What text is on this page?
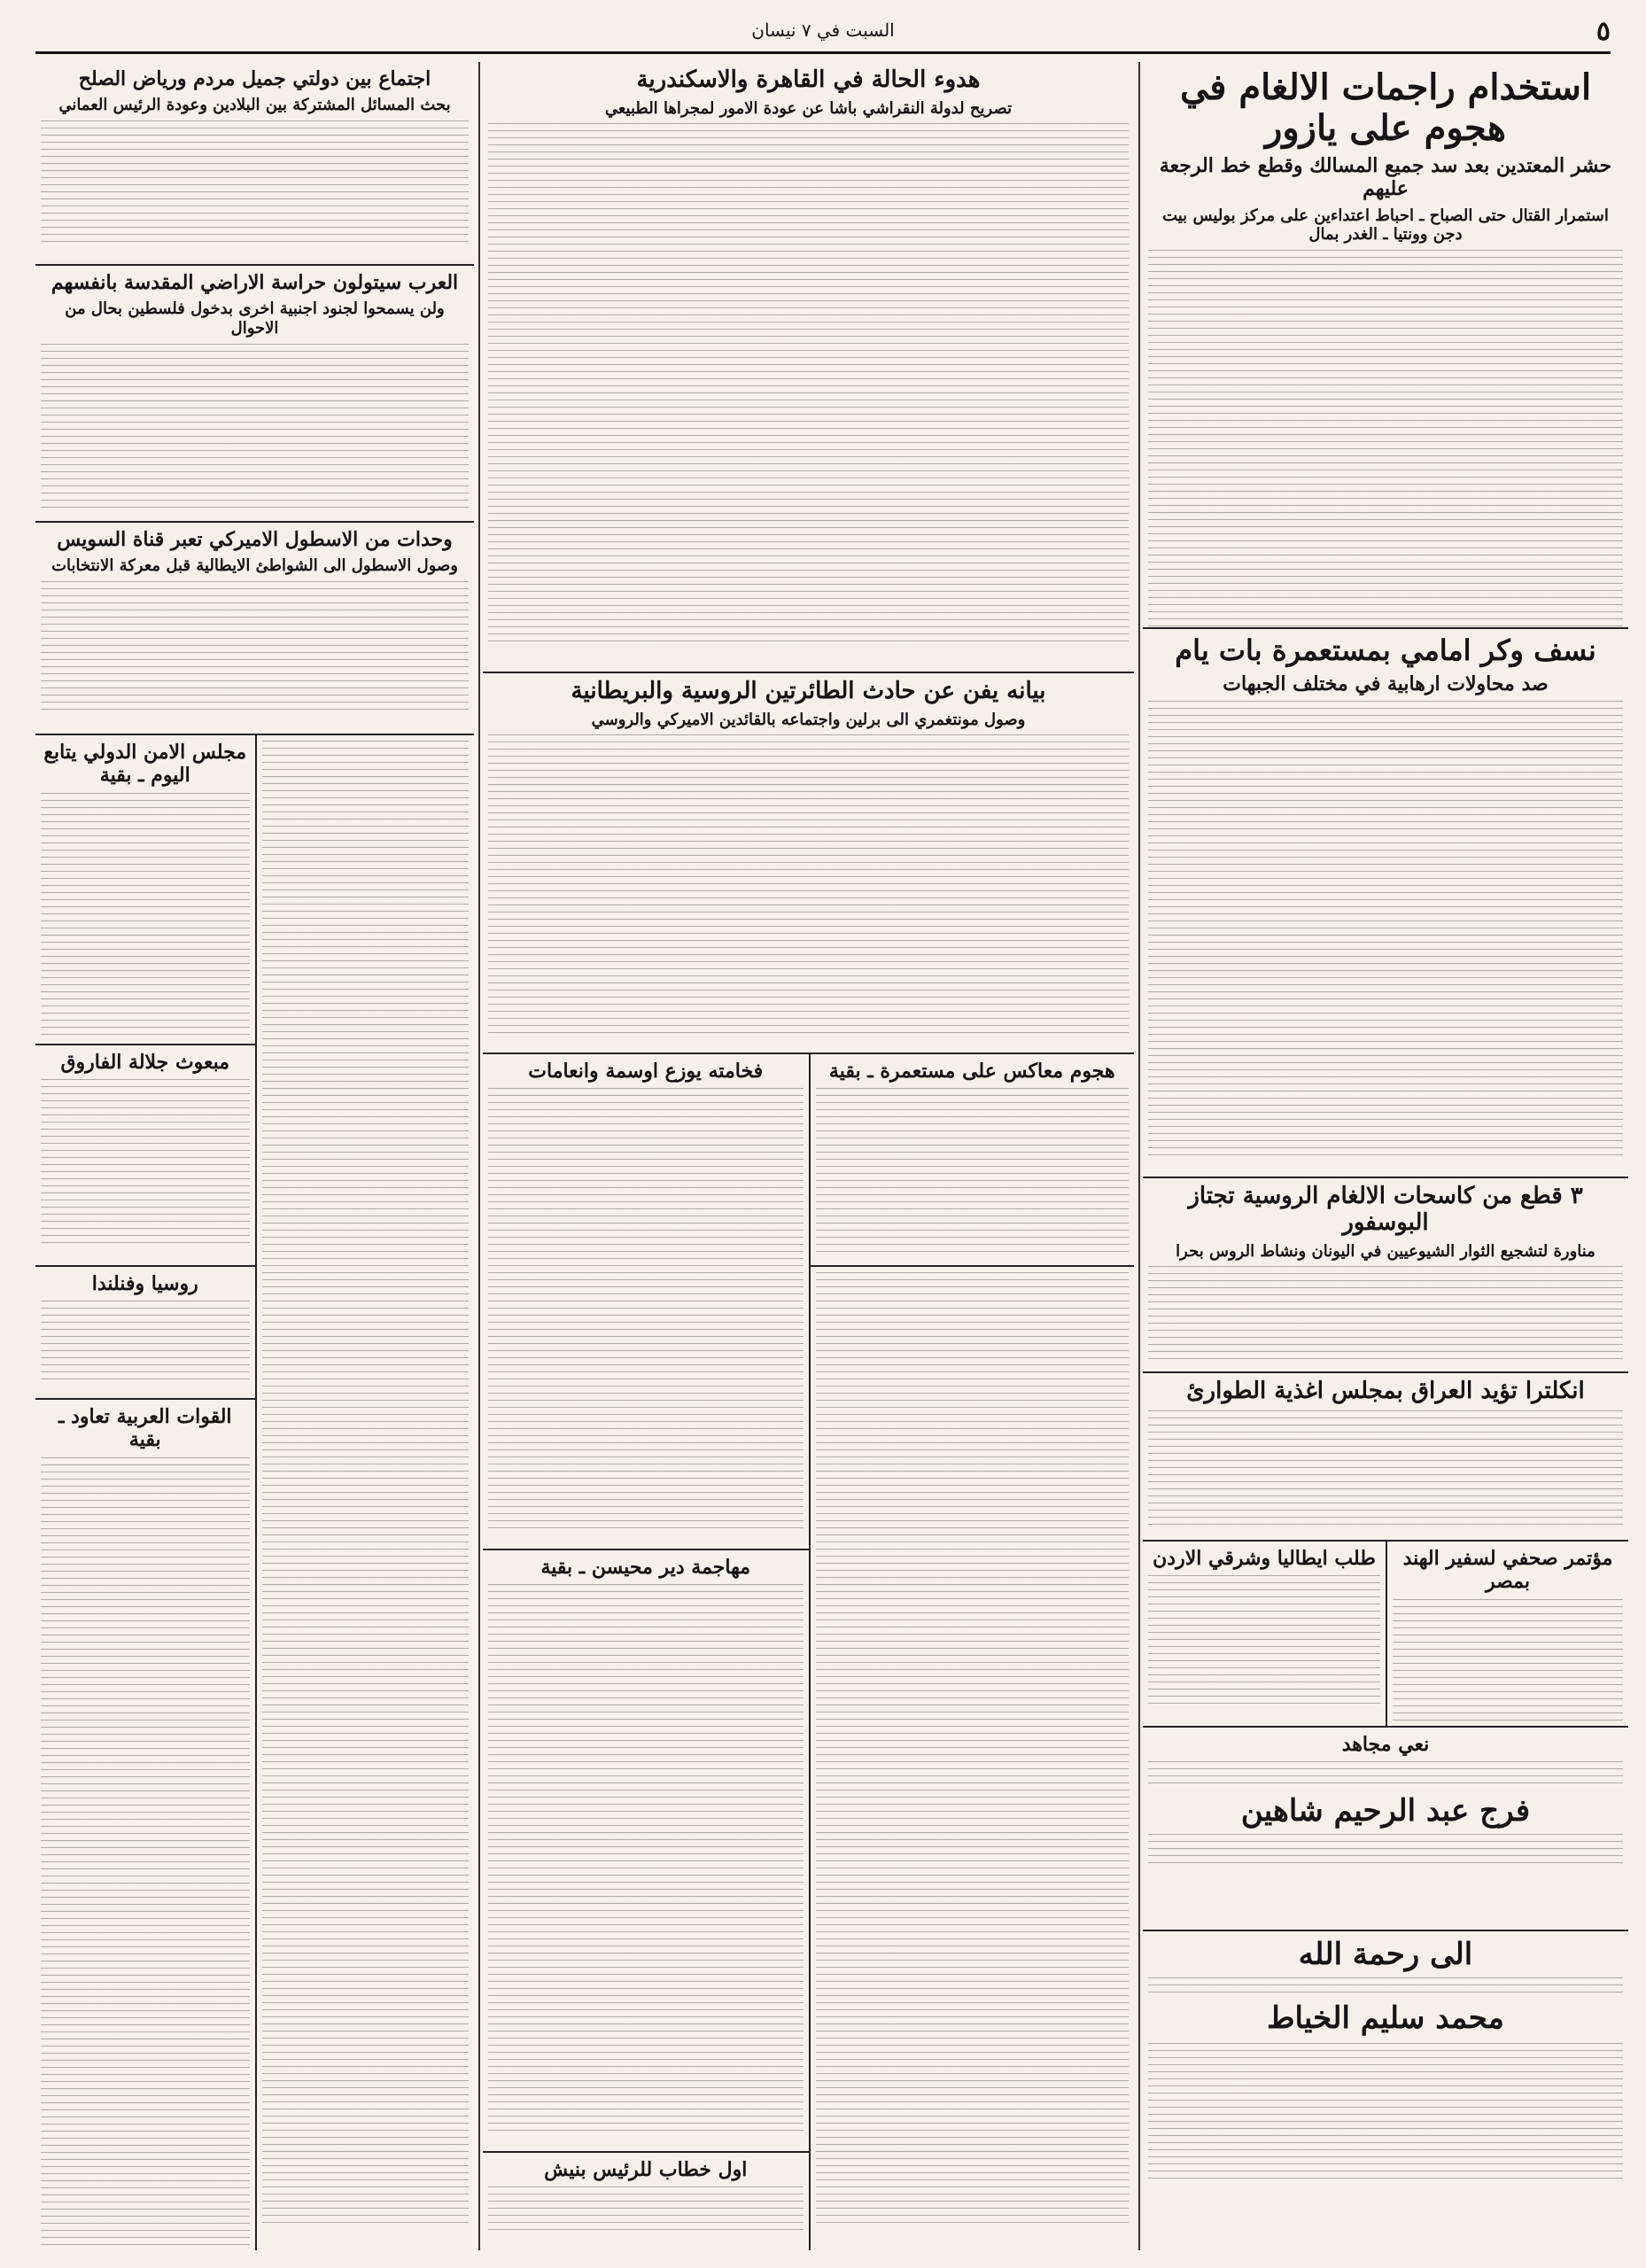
٥
السبت في ٧ نيسان
استخدام راجمات الالغام في هجوم على يازور
حشر المعتدين بعد سد جميع المسالك وقطع خط الرجعة عليهم
استمرار القتال حتى الصباح ـ احباط اعتداءين على مركز بوليس بيت دجن وونتيا ـ الغدر بمال
نسف وكر امامي بمستعمرة بات يام
صد محاولات ارهابية في مختلف الجبهات
٣ قطع من كاسحات الالغام الروسية تجتاز البوسفور
مناورة لتشجيع الثوار الشيوعيين في اليونان ونشاط الروس بحرا
انكلترا تؤيد العراق بمجلس اغذية الطوارئ
مؤتمر صحفي لسفير الهند بمصر
طلب ايطاليا وشرقي الاردن
نعي مجاهد
فرج عبد الرحيم شاهين
الى رحمة الله
محمد سليم الخياط
هدوء الحالة في القاهرة والاسكندرية
تصريح لدولة النقراشي باشا عن عودة الامور لمجراها الطبيعي
بيانه يفن عن حادث الطائرتين الروسية والبريطانية
وصول مونتغمري الى برلين واجتماعه بالقائدين الاميركي والروسي
هجوم معاكس على مستعمرة ـ بقية
فخامته يوزع اوسمة وانعامات
مهاجمة دير محيسن ـ بقية
اول خطاب للرئيس بنيش
اجتماع بين دولتي جميل مردم ورياض الصلح
بحث المسائل المشتركة بين البلادين وعودة الرئيس العماني
العرب سيتولون حراسة الاراضي المقدسة بانفسهم
ولن يسمحوا لجنود اجنبية اخرى بدخول فلسطين بحال من الاحوال
وحدات من الاسطول الاميركي تعبر قناة السويس
وصول الاسطول الى الشواطئ الايطالية قبل معركة الانتخابات
مجلس الامن الدولي يتابع اليوم ـ بقية
مبعوث جلالة الفاروق
روسيا وفنلندا
القوات العربية تعاود ـ بقية
